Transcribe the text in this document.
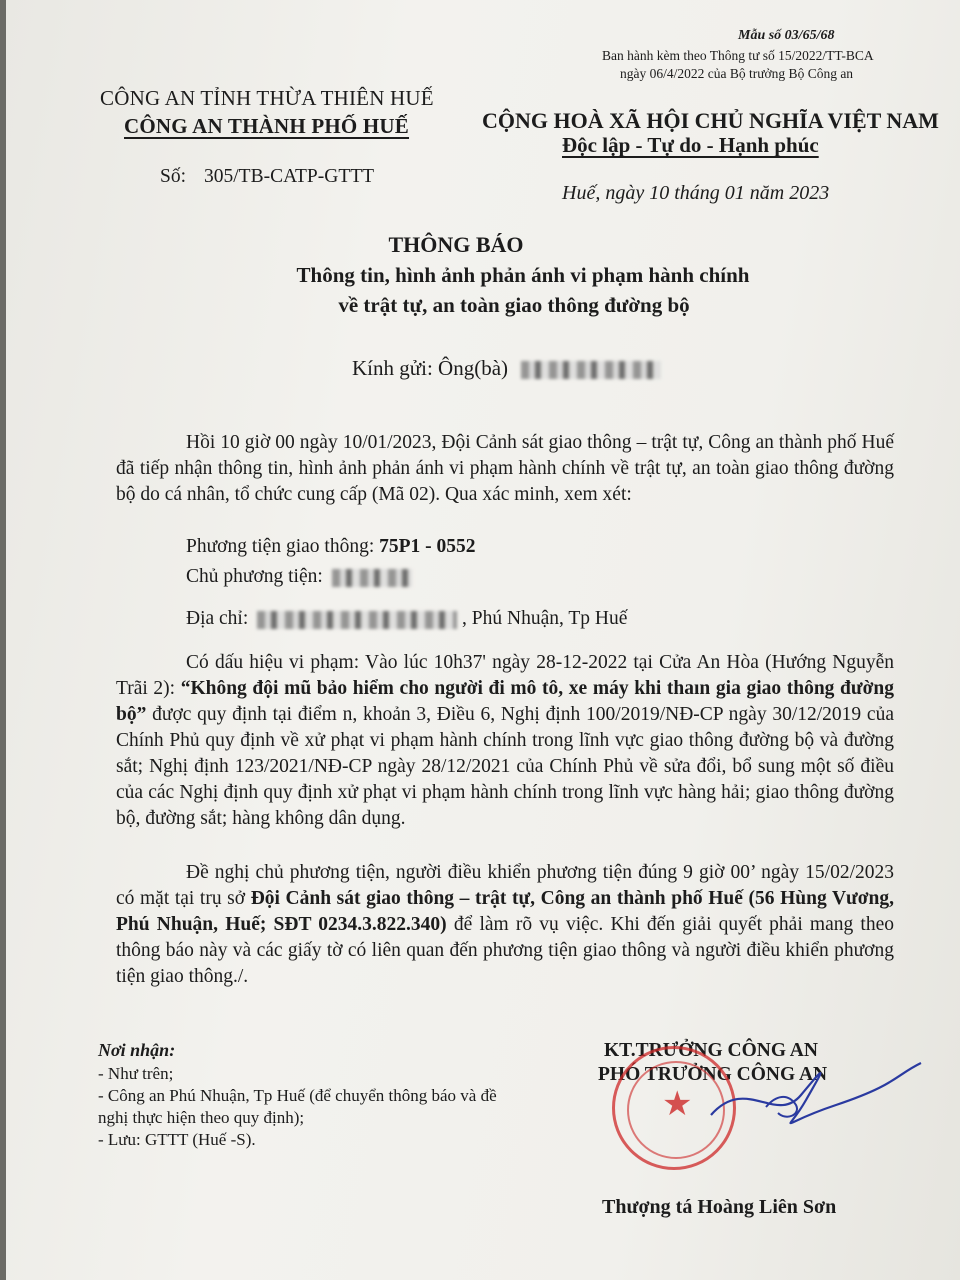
Mẫu số 03/65/68
Ban hành kèm theo Thông tư số 15/2022/TT-BCA
ngày 06/4/2022 của Bộ trưởng Bộ Công an
CÔNG AN TỈNH THỪA THIÊN HUẾ
CÔNG AN THÀNH PHỐ HUẾ
Số: 305/TB-CATP-GTTT
CỘNG HOÀ XÃ HỘI CHỦ NGHĨA VIỆT NAM
Độc lập - Tự do - Hạnh phúc
Huế, ngày 10 tháng 01 năm 2023
THÔNG BÁO
Thông tin, hình ảnh phản ánh vi phạm hành chính
về trật tự, an toàn giao thông đường bộ
Kính gửi: Ông(bà)
Hồi 10 giờ 00 ngày 10/01/2023, Đội Cảnh sát giao thông – trật tự, Công an thành phố Huế đã tiếp nhận thông tin, hình ảnh phản ánh vi phạm hành chính về trật tự, an toàn giao thông đường bộ do cá nhân, tổ chức cung cấp (Mã 02). Qua xác minh, xem xét:
Phương tiện giao thông: 75P1 - 0552
Chủ phương tiện:
Địa chỉ:	, Phú Nhuận, Tp Huế
Có dấu hiệu vi phạm: Vào lúc 10h37' ngày 28-12-2022 tại Cửa An Hòa (Hướng Nguyễn Trãi 2): “Không đội mũ bảo hiểm cho người đi mô tô, xe máy khi thaın gia giao thông đường bộ” được quy định tại điểm n, khoản 3, Điều 6, Nghị định 100/2019/NĐ-CP ngày 30/12/2019 của Chính Phủ quy định về xử phạt vi phạm hành chính trong lĩnh vực giao thông đường bộ và đường sắt; Nghị định 123/2021/NĐ-CP ngày 28/12/2021 của Chính Phủ về sửa đổi, bổ sung một số điều của các Nghị định quy định xử phạt vi phạm hành chính trong lĩnh vực hàng hải; giao thông đường bộ, đường sắt; hàng không dân dụng.
Đề nghị chủ phương tiện, người điều khiển phương tiện đúng 9 giờ 00’ ngày 15/02/2023 có mặt tại trụ sở Đội Cảnh sát giao thông – trật tự, Công an thành phố Huế (56 Hùng Vương, Phú Nhuận, Huế; SĐT 0234.3.822.340) để làm rõ vụ việc. Khi đến giải quyết phải mang theo thông báo này và các giấy tờ có liên quan đến phương tiện giao thông và người điều khiển phương tiện giao thông./.
Nơi nhận:
- Như trên;
- Công an Phú Nhuận, Tp Huế (để chuyển thông báo và đề nghị thực hiện theo quy định);
- Lưu: GTTT (Huế -S).
KT.TRƯỞNG CÔNG AN
PHÓ TRƯỞNG CÔNG AN
★
Thượng tá Hoàng Liên Sơn
